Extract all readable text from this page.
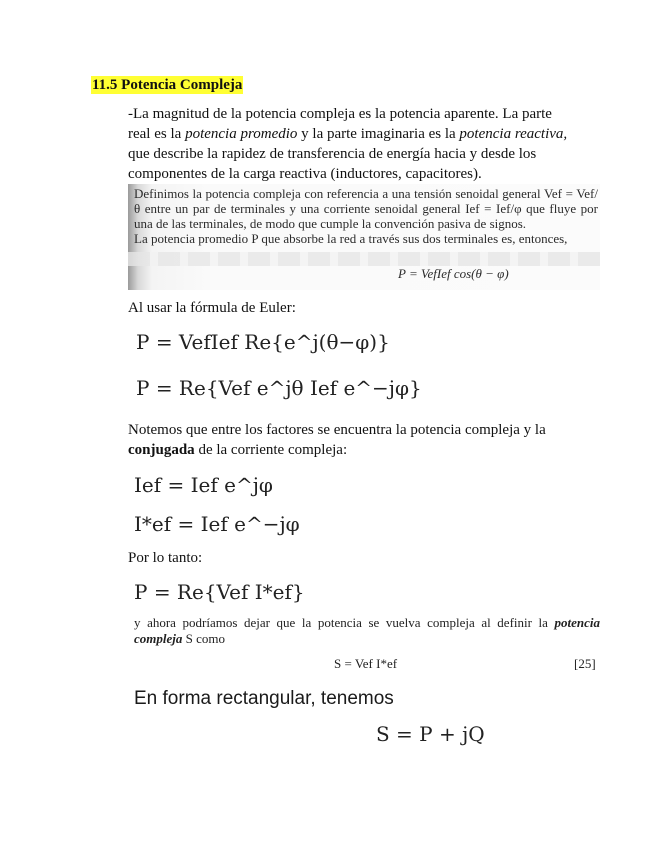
11.5 Potencia Compleja
-La magnitud de la potencia compleja es la potencia aparente. La parte real es la potencia promedio y la parte imaginaria es la potencia reactiva, que describe la rapidez de transferencia de energía hacia y desde los componentes de la carga reactiva (inductores, capacitores).
Definimos la potencia compleja con referencia a una tensión senoidal general Vef = Vef/θ entre un par de terminales y una corriente senoidal general Ief = Ief/φ que fluye por una de las terminales, de modo que cumple la convención pasiva de signos.
La potencia promedio P que absorbe la red a través sus dos terminales es, entonces,
P = VefIef cos(θ − φ)
Al usar la fórmula de Euler:
P = VefIef Re{e^j(θ−φ)}
P = Re{Vef e^jθ Ief e^−jφ}
Notemos que entre los factores se encuentra la potencia compleja y la conjugada de la corriente compleja:
Ief = Ief e^jφ
I*ef = Ief e^−jφ
Por lo tanto:
P = Re{Vef I*ef}
y ahora podríamos dejar que la potencia se vuelva compleja al definir la potencia compleja S como
S = Vef I*ef	[25]
En forma rectangular, tenemos
S = P + jQ
